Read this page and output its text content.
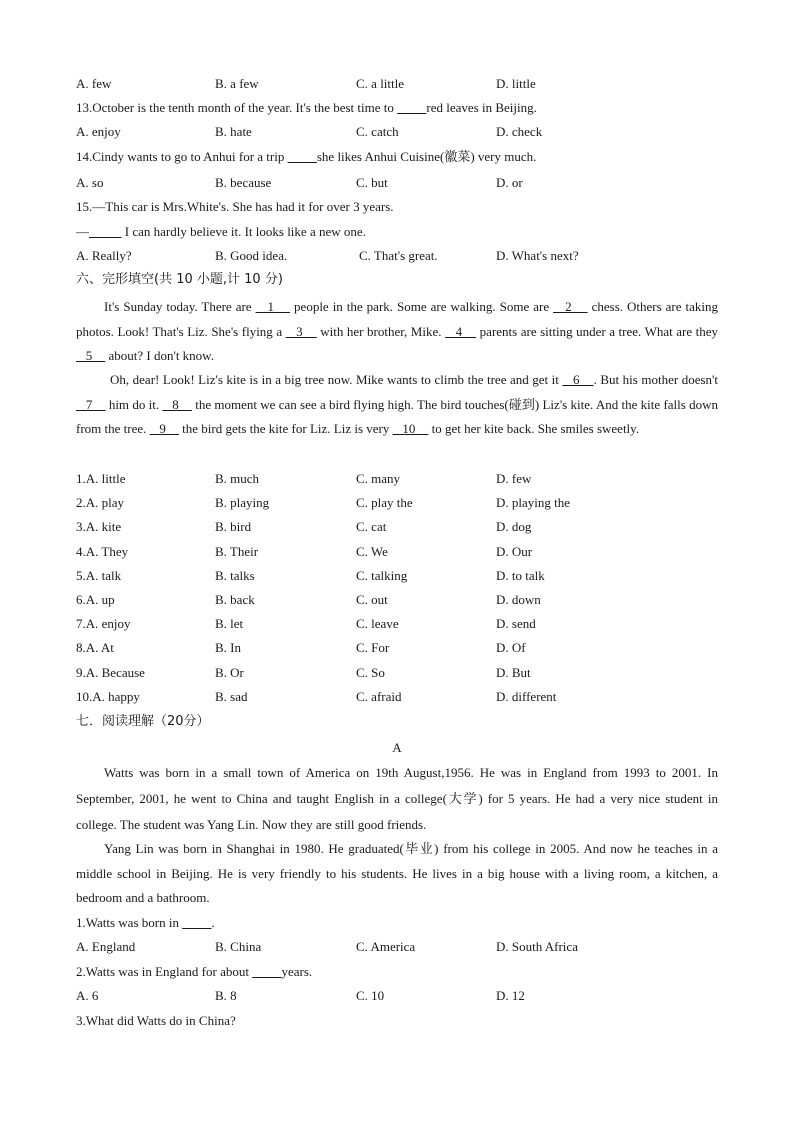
A. few	B. a few	C. a little	D. little
13.October is the tenth month of the year. It's the best time to          red leaves in Beijing.
A. enjoy	B. hate	C. catch	D. check
14.Cindy wants to go to Anhui for a trip          she likes Anhui Cuisine(徽菜) very much.
A. so	B. because	C. but	D. or
15.—This car is Mrs.White's. She has had it for over 3 years.
—	I can hardly believe it. It looks like a new one.
A. Really?	B. Good idea.	C. That's great.	D. What's next?
六、完形填空(共 10 小题,计 10 分)
It's Sunday today. There are    1     people in the park. Some are walking. Some are    2     chess. Others are taking photos. Look! That's Liz. She's flying a    3     with her brother, Mike.    4     parents are sitting under a tree. What are they    5     about? I don't know.
Oh, dear! Look! Liz's kite is in a big tree now. Mike wants to climb the tree and get it    6    . But his mother doesn't    7     him do it.    8     the moment we can see a bird flying high. The bird touches(碰到) Liz's kite. And the kite falls down from the tree.    9     the bird gets the kite for Liz. Liz is very    10     to get her kite back. She smiles sweetly.
1.A. little	B. much	C. many	D. few
2.A. play	B. playing	C. play the	D. playing the
3.A. kite	B. bird	C. cat	D. dog
4.A. They	B. Their	C. We	D. Our
5.A. talk	B. talks	C. talking	D. to talk
6.A. up	B. back	C. out	D. down
7.A. enjoy	B. let	C. leave	D. send
8.A. At	B. In	C. For	D. Of
9.A. Because	B. Or	C. So	D. But
10.A. happy	B. sad	C. afraid	D. different
七．阅读理解（20分）
A
Watts was born in a small town of America on 19th August,1956. He was in England from 1993 to 2001. In September, 2001, he went to China and taught English in a college(大学) for 5 years. He had a very nice student in college. The student was Yang Lin. Now they are still good friends.
Yang Lin was born in Shanghai in 1980. He graduated(毕业) from his college in 2005. And now he teaches in a middle school in Beijing. He is very friendly to his students. He lives in a big house with a living room, a kitchen, a bedroom and a bathroom.
1.Watts was born in          .
A. England	B. China	C. America	D. South Africa
2.Watts was in England for about          years.
A. 6	B. 8	C. 10	D. 12
3.What did Watts do in China?
